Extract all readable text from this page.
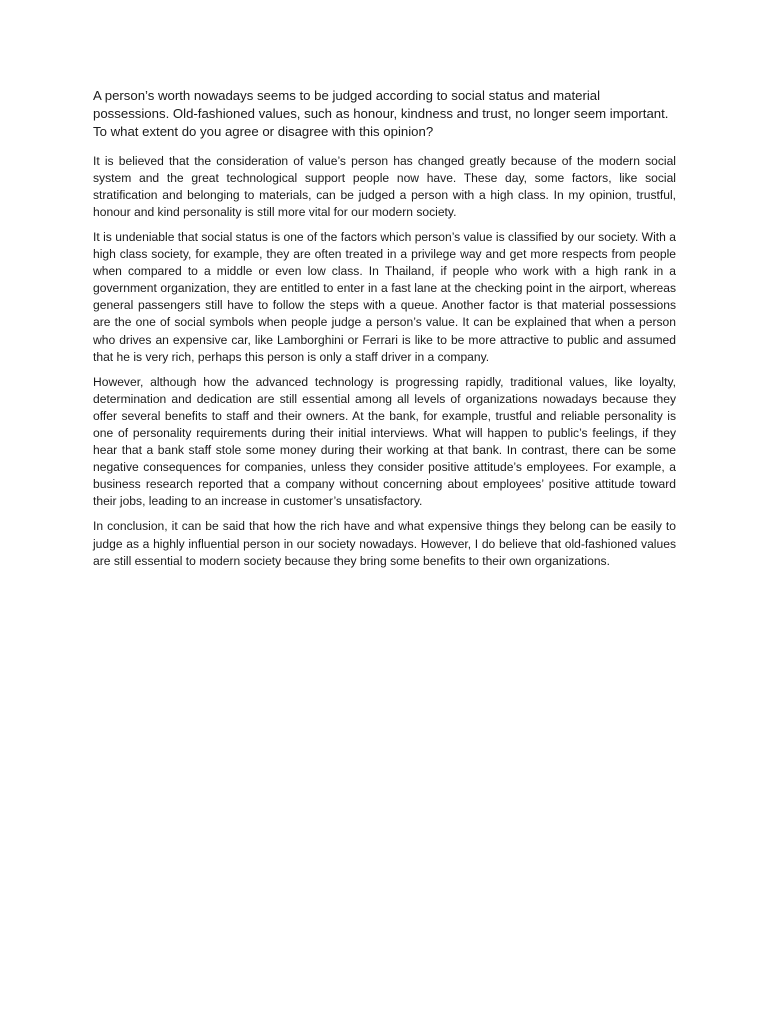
A person’s worth nowadays seems to be judged according to social status and material possessions. Old-fashioned values, such as honour, kindness and trust, no longer seem important.
To what extent do you agree or disagree with this opinion?

It is believed that the consideration of value’s person has changed greatly because of the modern social system and the great technological support people now have. These day, some factors, like social stratification and belonging to materials, can be judged a person with a high class. In my opinion, trustful, honour and kind personality is still more vital for our modern society.

It is undeniable that social status is one of the factors which person’s value is classified by our society. With a high class society, for example, they are often treated in a privilege way and get more respects from people when compared to a middle or even low class. In Thailand, if people who work with a high rank in a government organization, they are entitled to enter in a fast lane at the checking point in the airport, whereas general passengers still have to follow the steps with a queue. Another factor is that material possessions are the one of social symbols when people judge a person’s value. It can be explained that when a person who drives an expensive car, like Lamborghini or Ferrari is like to be more attractive to public and assumed that he is very rich, perhaps this person is only a staff driver in a company.

However, although how the advanced technology is progressing rapidly, traditional values, like loyalty, determination and dedication are still essential among all levels of organizations nowadays because they offer several benefits to staff and their owners. At the bank, for example, trustful and reliable personality is one of personality requirements during their initial interviews. What will happen to public’s feelings, if they hear that a bank staff stole some money during their working at that bank. In contrast, there can be some negative consequences for companies, unless they consider positive attitude’s employees. For example, a business research reported that a company without concerning about employees’ positive attitude toward their jobs, leading to an increase in customer’s unsatisfactory.

In conclusion, it can be said that how the rich have and what expensive things they belong can be easily to judge as a highly influential person in our society nowadays. However, I do believe that old-fashioned values are still essential to modern society because they bring some benefits to their own organizations.
